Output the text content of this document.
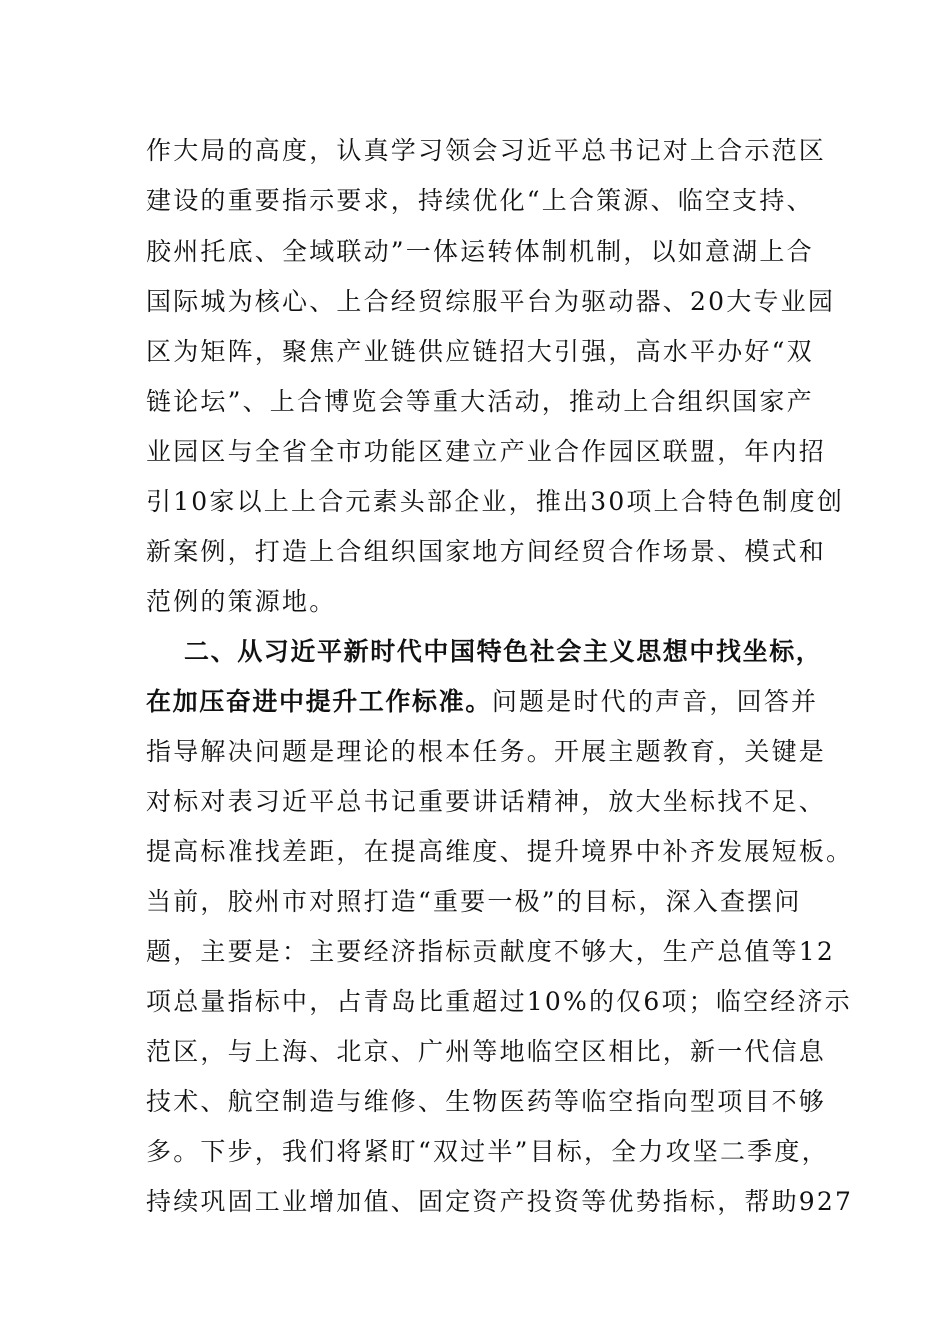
作大局的高度，认真学习领会习近平总书记对上合示范区
建设的重要指示要求，持续优化“上合策源、临空支持、
胶州托底、全域联动”一体运转体制机制，以如意湖上合
国际城为核心、上合经贸综服平台为驱动器、20大专业园
区为矩阵，聚焦产业链供应链招大引强，高水平办好“双
链论坛”、上合博览会等重大活动，推动上合组织国家产
业园区与全省全市功能区建立产业合作园区联盟，年内招
引10家以上上合元素头部企业，推出30项上合特色制度创
新案例，打造上合组织国家地方间经贸合作场景、模式和
范例的策源地。
二、从习近平新时代中国特色社会主义思想中找坐标，
在加压奋进中提升工作标准。问题是时代的声音，回答并
指导解决问题是理论的根本任务。开展主题教育，关键是
对标对表习近平总书记重要讲话精神，放大坐标找不足、
提高标准找差距，在提高维度、提升境界中补齐发展短板。
当前，胶州市对照打造“重要一极”的目标，深入查摆问
题，主要是：主要经济指标贡献度不够大，生产总值等12
项总量指标中，占青岛比重超过10%的仅6项；临空经济示
范区，与上海、北京、广州等地临空区相比，新一代信息
技术、航空制造与维修、生物医药等临空指向型项目不够
多。下步，我们将紧盯“双过半”目标，全力攻坚二季度，
持续巩固工业增加值、固定资产投资等优势指标，帮助927
